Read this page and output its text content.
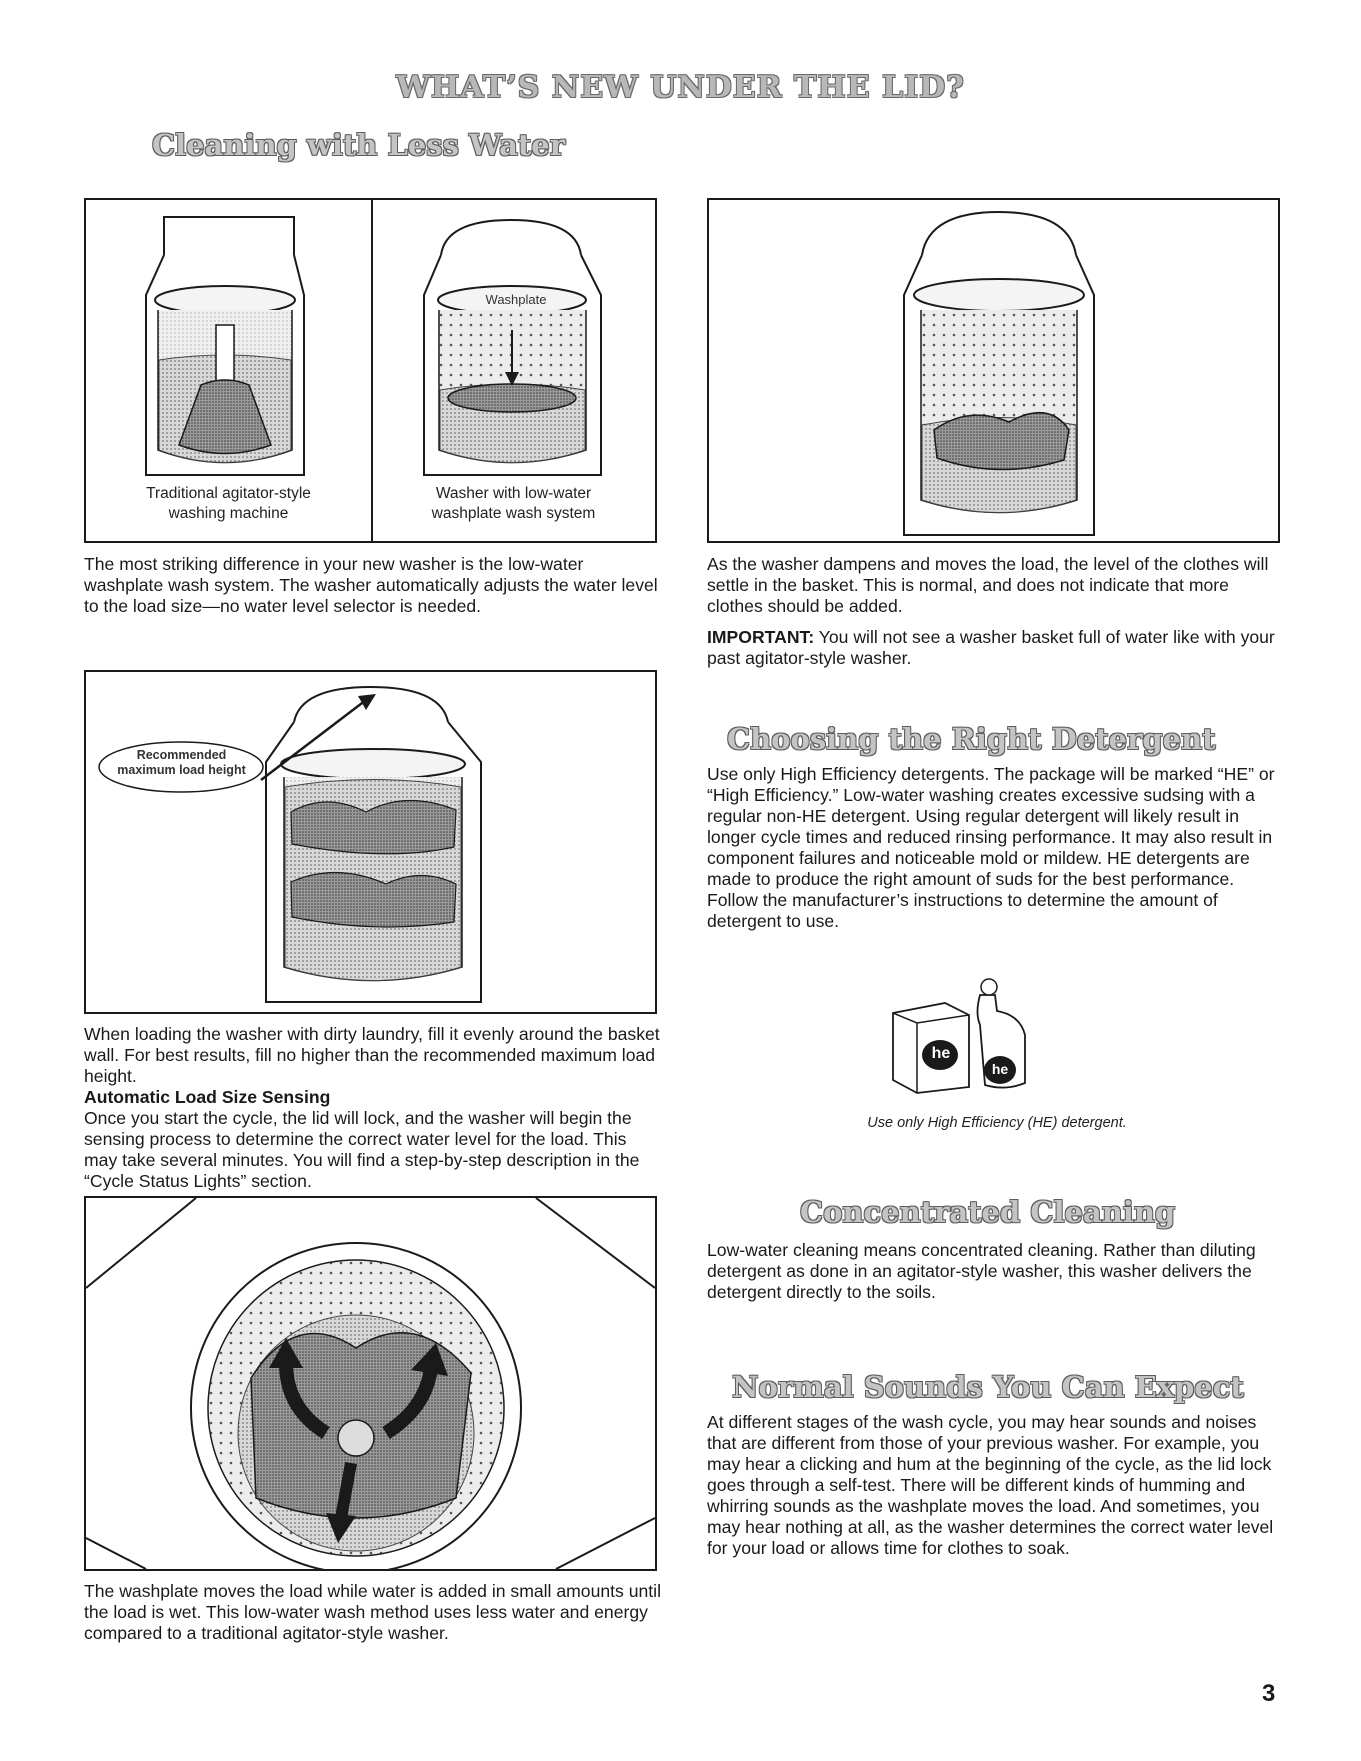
WHAT’S NEW UNDER THE LID?
Cleaning with Less Water
Washplate
Traditional agitator-style
washing machine
Washer with low-water
washplate wash system

The most striking difference in your new washer is the low-water washplate wash system. The washer automatically adjusts the water level to the load size—no water level selector is needed.

As the washer dampens and moves the load, the level of the clothes will settle in the basket. This is normal, and does not indicate that more clothes should be added.

IMPORTANT: You will not see a washer basket full of water like with your past agitator-style washer.

Recommended
maximum load height

When loading the washer with dirty laundry, fill it evenly around the basket wall. For best results, fill no higher than the recommended maximum load height.

Automatic Load Size Sensing

Once you start the cycle, the lid will lock, and the washer will begin the sensing process to determine the correct water level for the load. This may take several minutes. You will find a step-by-step description in the “Cycle Status Lights” section.

The washplate moves the load while water is added in small amounts until the load is wet. This low-water wash method uses less water and energy compared to a traditional agitator-style washer.

Choosing the Right Detergent

Use only High Efficiency detergents. The package will be marked “HE” or “High Efficiency.” Low-water washing creates excessive sudsing with a regular non-HE detergent. Using regular detergent will likely result in longer cycle times and reduced rinsing performance. It may also result in component failures and noticeable mold or mildew. HE detergents are made to produce the right amount of suds for the best performance. Follow the manufacturer’s instructions to determine the amount of detergent to use.

he
he
Use only High Efficiency (HE) detergent.
Concentrated Cleaning

Low-water cleaning means concentrated cleaning. Rather than diluting detergent as done in an agitator-style washer, this washer delivers the detergent directly to the soils.

Normal Sounds You Can Expect

At different stages of the wash cycle, you may hear sounds and noises that are different from those of your previous washer. For example, you may hear a clicking and hum at the beginning of the cycle, as the lid lock goes through a self-test. There will be different kinds of humming and whirring sounds as the washplate moves the load. And sometimes, you may hear nothing at all, as the washer determines the correct water level for your load or allows time for clothes to soak.

3
